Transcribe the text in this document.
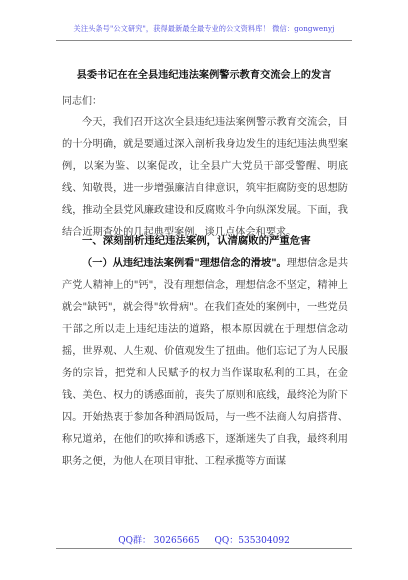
关注头条号"公文研究"，获得最新最全最专业的公文资料库！ 微信：gongwenyj
县委书记在在全县违纪违法案例警示教育交流会上的发言
同志们：
今天，我们召开这次全县违纪违法案例警示教育交流会，目的十分明确，就是要通过深入剖析我身边发生的违纪违法典型案例，以案为鉴、以案促改，让全县广大党员干部受警醒、明底线、知敬畏，进一步增强廉洁自律意识，筑牢拒腐防变的思想防线，推动全县党风廉政建设和反腐败斗争向纵深发展。下面，我结合近期查处的几起典型案例，谈几点体会和要求。
一、深刻剖析违纪违法案例，认清腐败的严重危害
（一）从违纪违法案例看"理想信念的滑坡"。理想信念是共产党人精神上的"钙"，没有理想信念，理想信念不坚定，精神上就会"缺钙"，就会得"软骨病"。在我们查处的案例中，一些党员干部之所以走上违纪违法的道路，根本原因就在于理想信念动摇，世界观、人生观、价值观发生了扭曲。他们忘记了为人民服务的宗旨，把党和人民赋予的权力当作谋取私利的工具，在金钱、美色、权力的诱惑面前，丧失了原则和底线，最终沦为阶下囚。开始热衷于参加各种酒局饭局，与一些不法商人勾肩搭背、称兄道弟，在他们的吹捧和诱惑下，逐渐迷失了自我，最终利用职务之便，为他人在项目审批、工程承揽等方面谋
QQ群： 30265665 QQ：535304092
